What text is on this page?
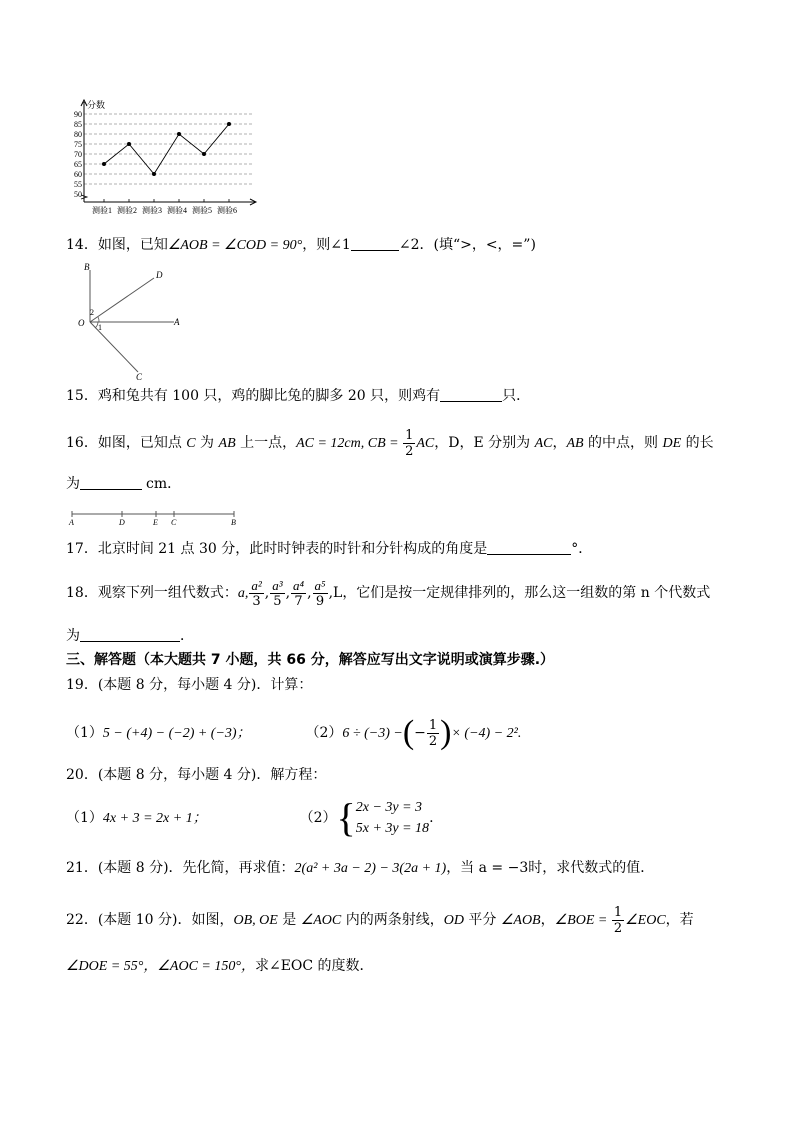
50
55
60
65
70
75
80
85
90
分数
测验1 测验2 测验3 测验4 测验5 测验6
14．如图，已知∠AOB = ∠COD = 90°，则∠1	∠2．(填“>，<，=”)
B
D
O	A
C
1
2
15．鸡和兔共有 100 只，鸡的脚比兔的脚多 20 只，则鸡有	只．
16．如图，已知点 C 为 AB 上一点，AC = 12cm, CB = $\frac{1}{2}$ AC，D，E 分别为 AC，AB 的中点，则 DE 的长
为	cm．
A	D	E C	B
17．北京时间 21 点 30 分，此时时钟表的时针和分针构成的角度是	°．
18．观察下列一组代数式：a, $\frac{\text{a²}}{3}$ , $\frac{\text{a³}}{5}$ , $\frac{\text{a⁴}}{7}$ , $\frac{\text{a⁵}}{9} ,L$，它们是按一定规律排列的，那么这一组数的第 n 个代数式
为	．
三、解答题（本大题共 7 小题，共 66 分，解答应写出文字说明或演算步骤.）
19．(本题 8 分，每小题 4 分)．计算：
（1）5 − (+4) − (−2) + (−3)；	（2）6 ÷ (−3) −(− $\frac{1}{2}$ )× (−4) − 2².
20．(本题 8 分，每小题 4 分)．解方程：
（1）4x + 3 = 2x + 1；	（2）{ 2x − 3y = 3
5x + 3y = 18
.
21．(本题 8 分)．先化简，再求值：2(a² + 3a − 2) − 3(2a + 1)，当 a = −3时，求代数式的值．
22．(本题 10 分)．如图，OB, OE 是 ∠AOC 内的两条射线，OD 平分 ∠AOB，∠BOE = $\frac{1}{2}$ ∠EOC，若
∠DOE = 55°，∠AOC = 150°，求∠EOC 的度数．
